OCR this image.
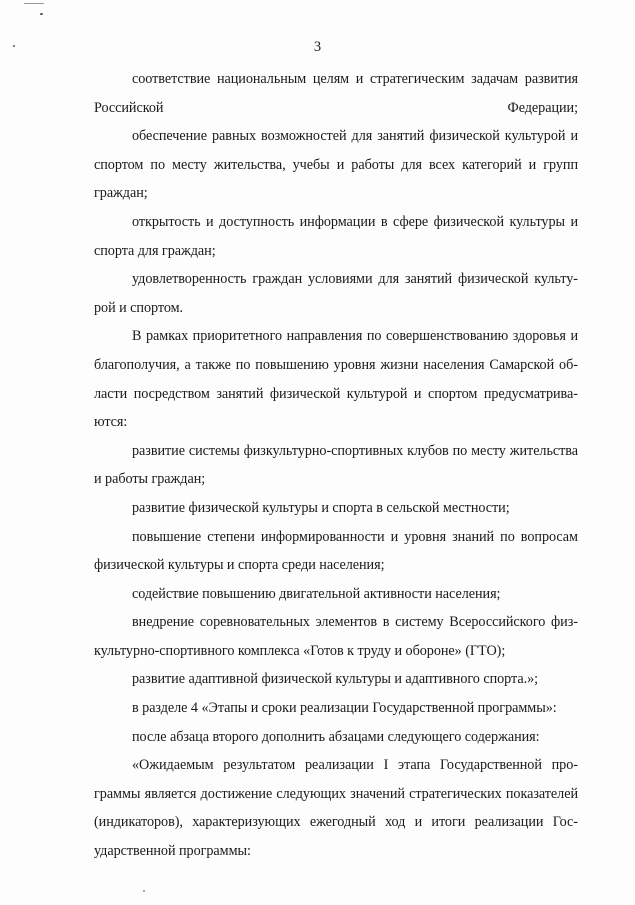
3

соответствие национальным целям и стратегическим задачам развития Российской Федерации;

обеспечение равных возможностей для занятий физической культурой и спортом по месту жительства, учебы и работы для всех категорий и групп граждан;

открытость и доступность информации в сфере физической культуры и спорта для граждан;

удовлетворенность граждан условиями для занятий физической культурой и спортом.

В рамках приоритетного направления по совершенствованию здоровья и благополучия, а также по повышению уровня жизни населения Самарской области посредством занятий физической культурой и спортом предусматриваются:

развитие системы физкультурно-спортивных клубов по месту жительства и работы граждан;

развитие физической культуры и спорта в сельской местности;

повышение степени информированности и уровня знаний по вопросам физической культуры и спорта среди населения;

содействие повышению двигательной активности населения;

внедрение соревновательных элементов в систему Всероссийского физкультурно-спортивного комплекса «Готов к труду и обороне» (ГТО);

развитие адаптивной физической культуры и адаптивного спорта.»;

в разделе 4 «Этапы и сроки реализации Государственной программы»:

после абзаца второго дополнить абзацами следующего содержания:

«Ожидаемым результатом реализации I этапа Государственной программы является достижение следующих значений стратегических показателей (индикаторов), характеризующих ежегодный ход и итоги реализации Государственной программы:
